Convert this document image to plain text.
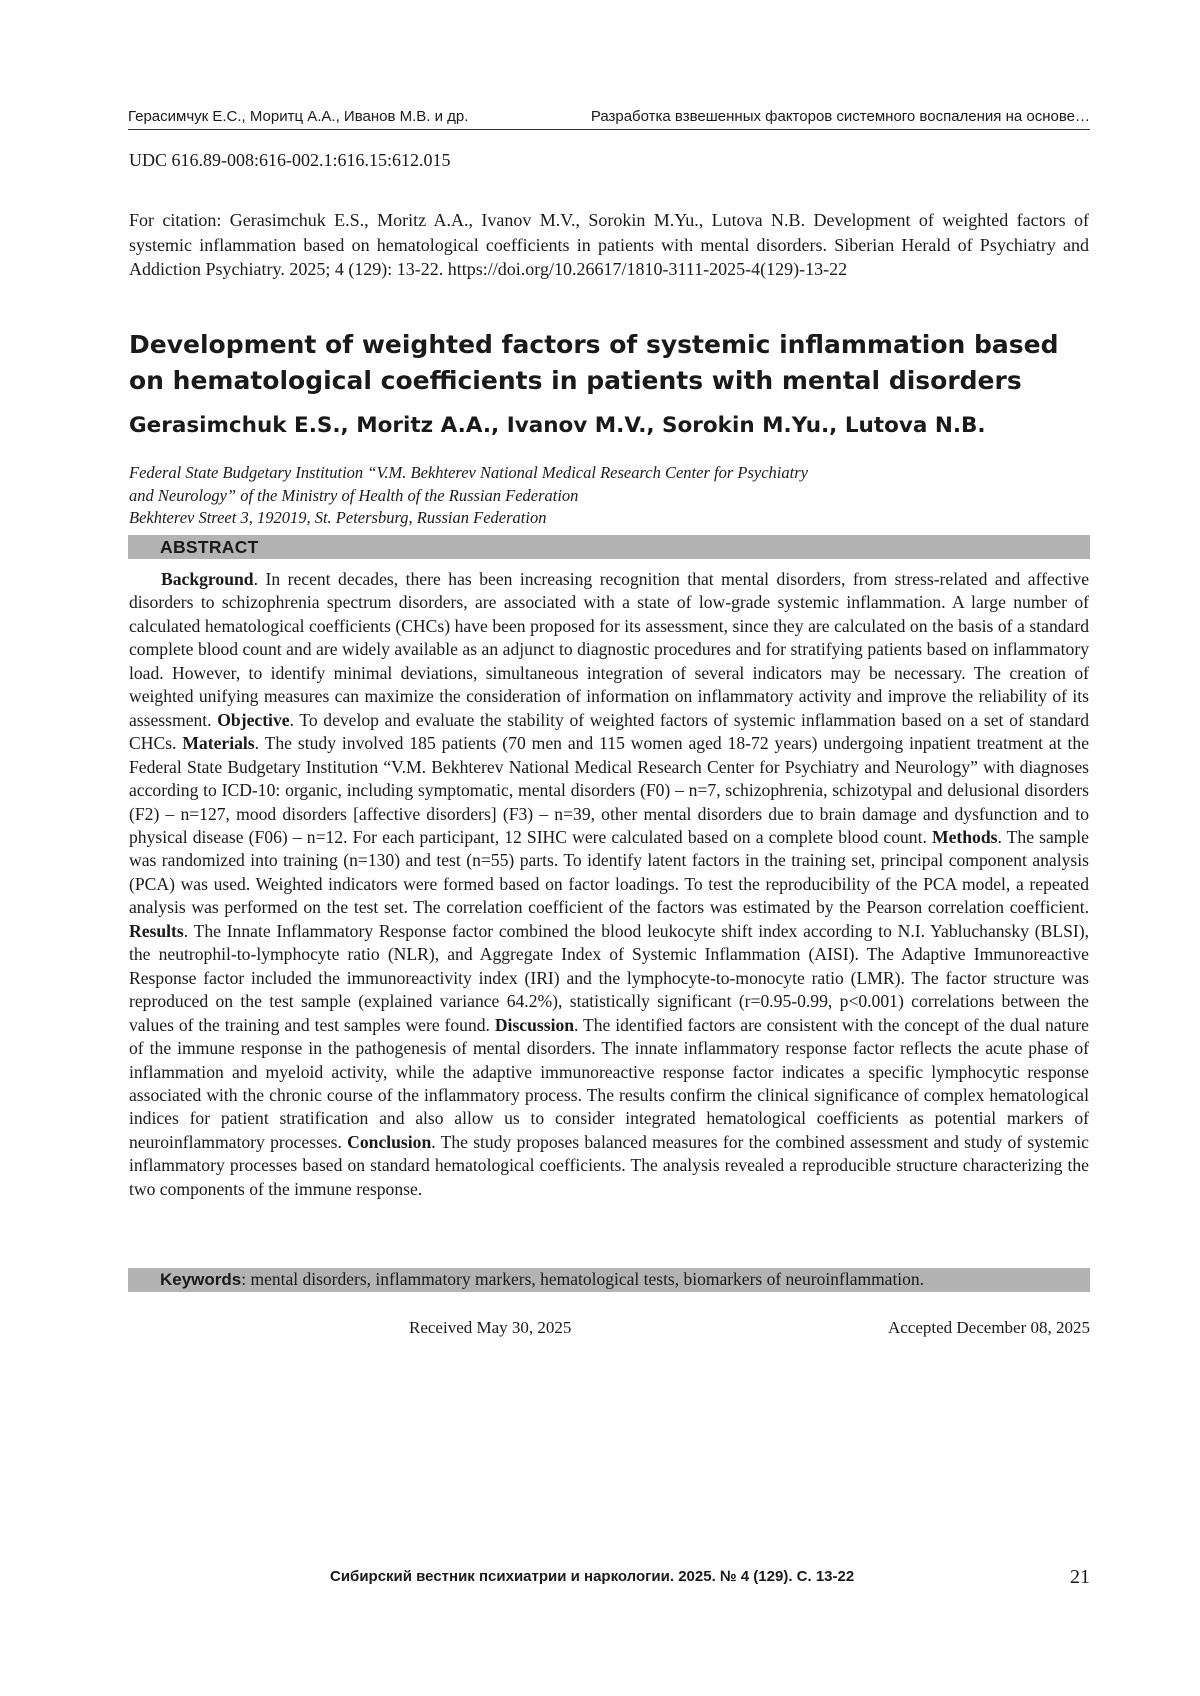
Герасимчук Е.С., Моритц А.А., Иванов М.В. и др.	Разработка взвешенных факторов системного воспаления на основе…
UDC 616.89-008:616-002.1:616.15:612.015
For citation: Gerasimchuk E.S., Moritz A.A., Ivanov M.V., Sorokin M.Yu., Lutova N.B. Development of weighted factors of systemic inflammation based on hematological coefficients in patients with mental disorders. Siberian Herald of Psychiatry and Addiction Psychiatry. 2025; 4 (129): 13-22. https://doi.org/10.26617/1810-3111-2025-4(129)-13-22
Development of weighted factors of systemic inflammation based on hematological coefficients in patients with mental disorders
Gerasimchuk E.S., Moritz A.A., Ivanov M.V., Sorokin M.Yu., Lutova N.B.
Federal State Budgetary Institution “V.M. Bekhterev National Medical Research Center for Psychiatry
and Neurology” of the Ministry of Health of the Russian Federation
Bekhterev Street 3, 192019, St. Petersburg, Russian Federation
ABSTRACT
Background. In recent decades, there has been increasing recognition that mental disorders, from stress-related and affective disorders to schizophrenia spectrum disorders, are associated with a state of low-grade systemic inflammation. A large number of calculated hematological coefficients (CHCs) have been proposed for its assessment, since they are calculated on the basis of a standard complete blood count and are widely available as an adjunct to diagnostic procedures and for stratifying patients based on inflammatory load. However, to identify minimal deviations, simultaneous integration of several indicators may be necessary. The creation of weighted unifying measures can maximize the consideration of information on inflammatory activity and improve the reliability of its assessment. Objective. To develop and evaluate the stability of weighted factors of systemic inflammation based on a set of standard CHCs. Materials. The study involved 185 patients (70 men and 115 women aged 18-72 years) undergoing inpatient treatment at the Federal State Budgetary Institution “V.M. Bekhterev National Medical Research Center for Psychiatry and Neurology” with diagnoses according to ICD-10: organic, including symptomatic, mental disorders (F0) – n=7, schizophrenia, schizotypal and delusional disorders (F2) – n=127, mood disorders [affective disorders] (F3) – n=39, other mental disorders due to brain damage and dysfunction and to physical disease (F06) – n=12. For each participant, 12 SIHC were calculated based on a complete blood count. Methods. The sample was randomized into training (n=130) and test (n=55) parts. To identify latent factors in the training set, principal component analysis (PCA) was used. Weighted indicators were formed based on factor loadings. To test the reproducibility of the PCA model, a repeated analysis was performed on the test set. The correlation coefficient of the factors was estimated by the Pearson correlation coefficient. Results. The Innate Inflammatory Response factor combined the blood leukocyte shift index according to N.I. Yabluchansky (BLSI), the neutrophil-to-lymphocyte ratio (NLR), and Aggregate Index of Systemic Inflammation (AISI). The Adaptive Immunoreactive Response factor included the immunoreactivity index (IRI) and the lymphocyte-to-monocyte ratio (LMR). The factor structure was reproduced on the test sample (explained variance 64.2%), statistically significant (r=0.95-0.99, p<0.001) correlations between the values of the training and test samples were found. Discussion. The identified factors are consistent with the concept of the dual nature of the immune response in the pathogenesis of mental disorders. The innate inflammatory response factor reflects the acute phase of inflammation and myeloid activity, while the adaptive immunoreactive response factor indicates a specific lymphocytic response associated with the chronic course of the inflammatory process. The results confirm the clinical significance of complex hematological indices for patient stratification and also allow us to consider integrated hematological coefficients as potential markers of neuroinflammatory processes. Conclusion. The study proposes balanced measures for the combined assessment and study of systemic inflammatory processes based on standard hematological coefficients. The analysis revealed a reproducible structure characterizing the two components of the immune response.
Keywords: mental disorders, inflammatory markers, hematological tests, biomarkers of neuroinflammation.
Received May 30, 2025	Accepted December 08, 2025
Сибирский вестник психиатрии и наркологии. 2025. № 4 (129). С. 13-22	21
